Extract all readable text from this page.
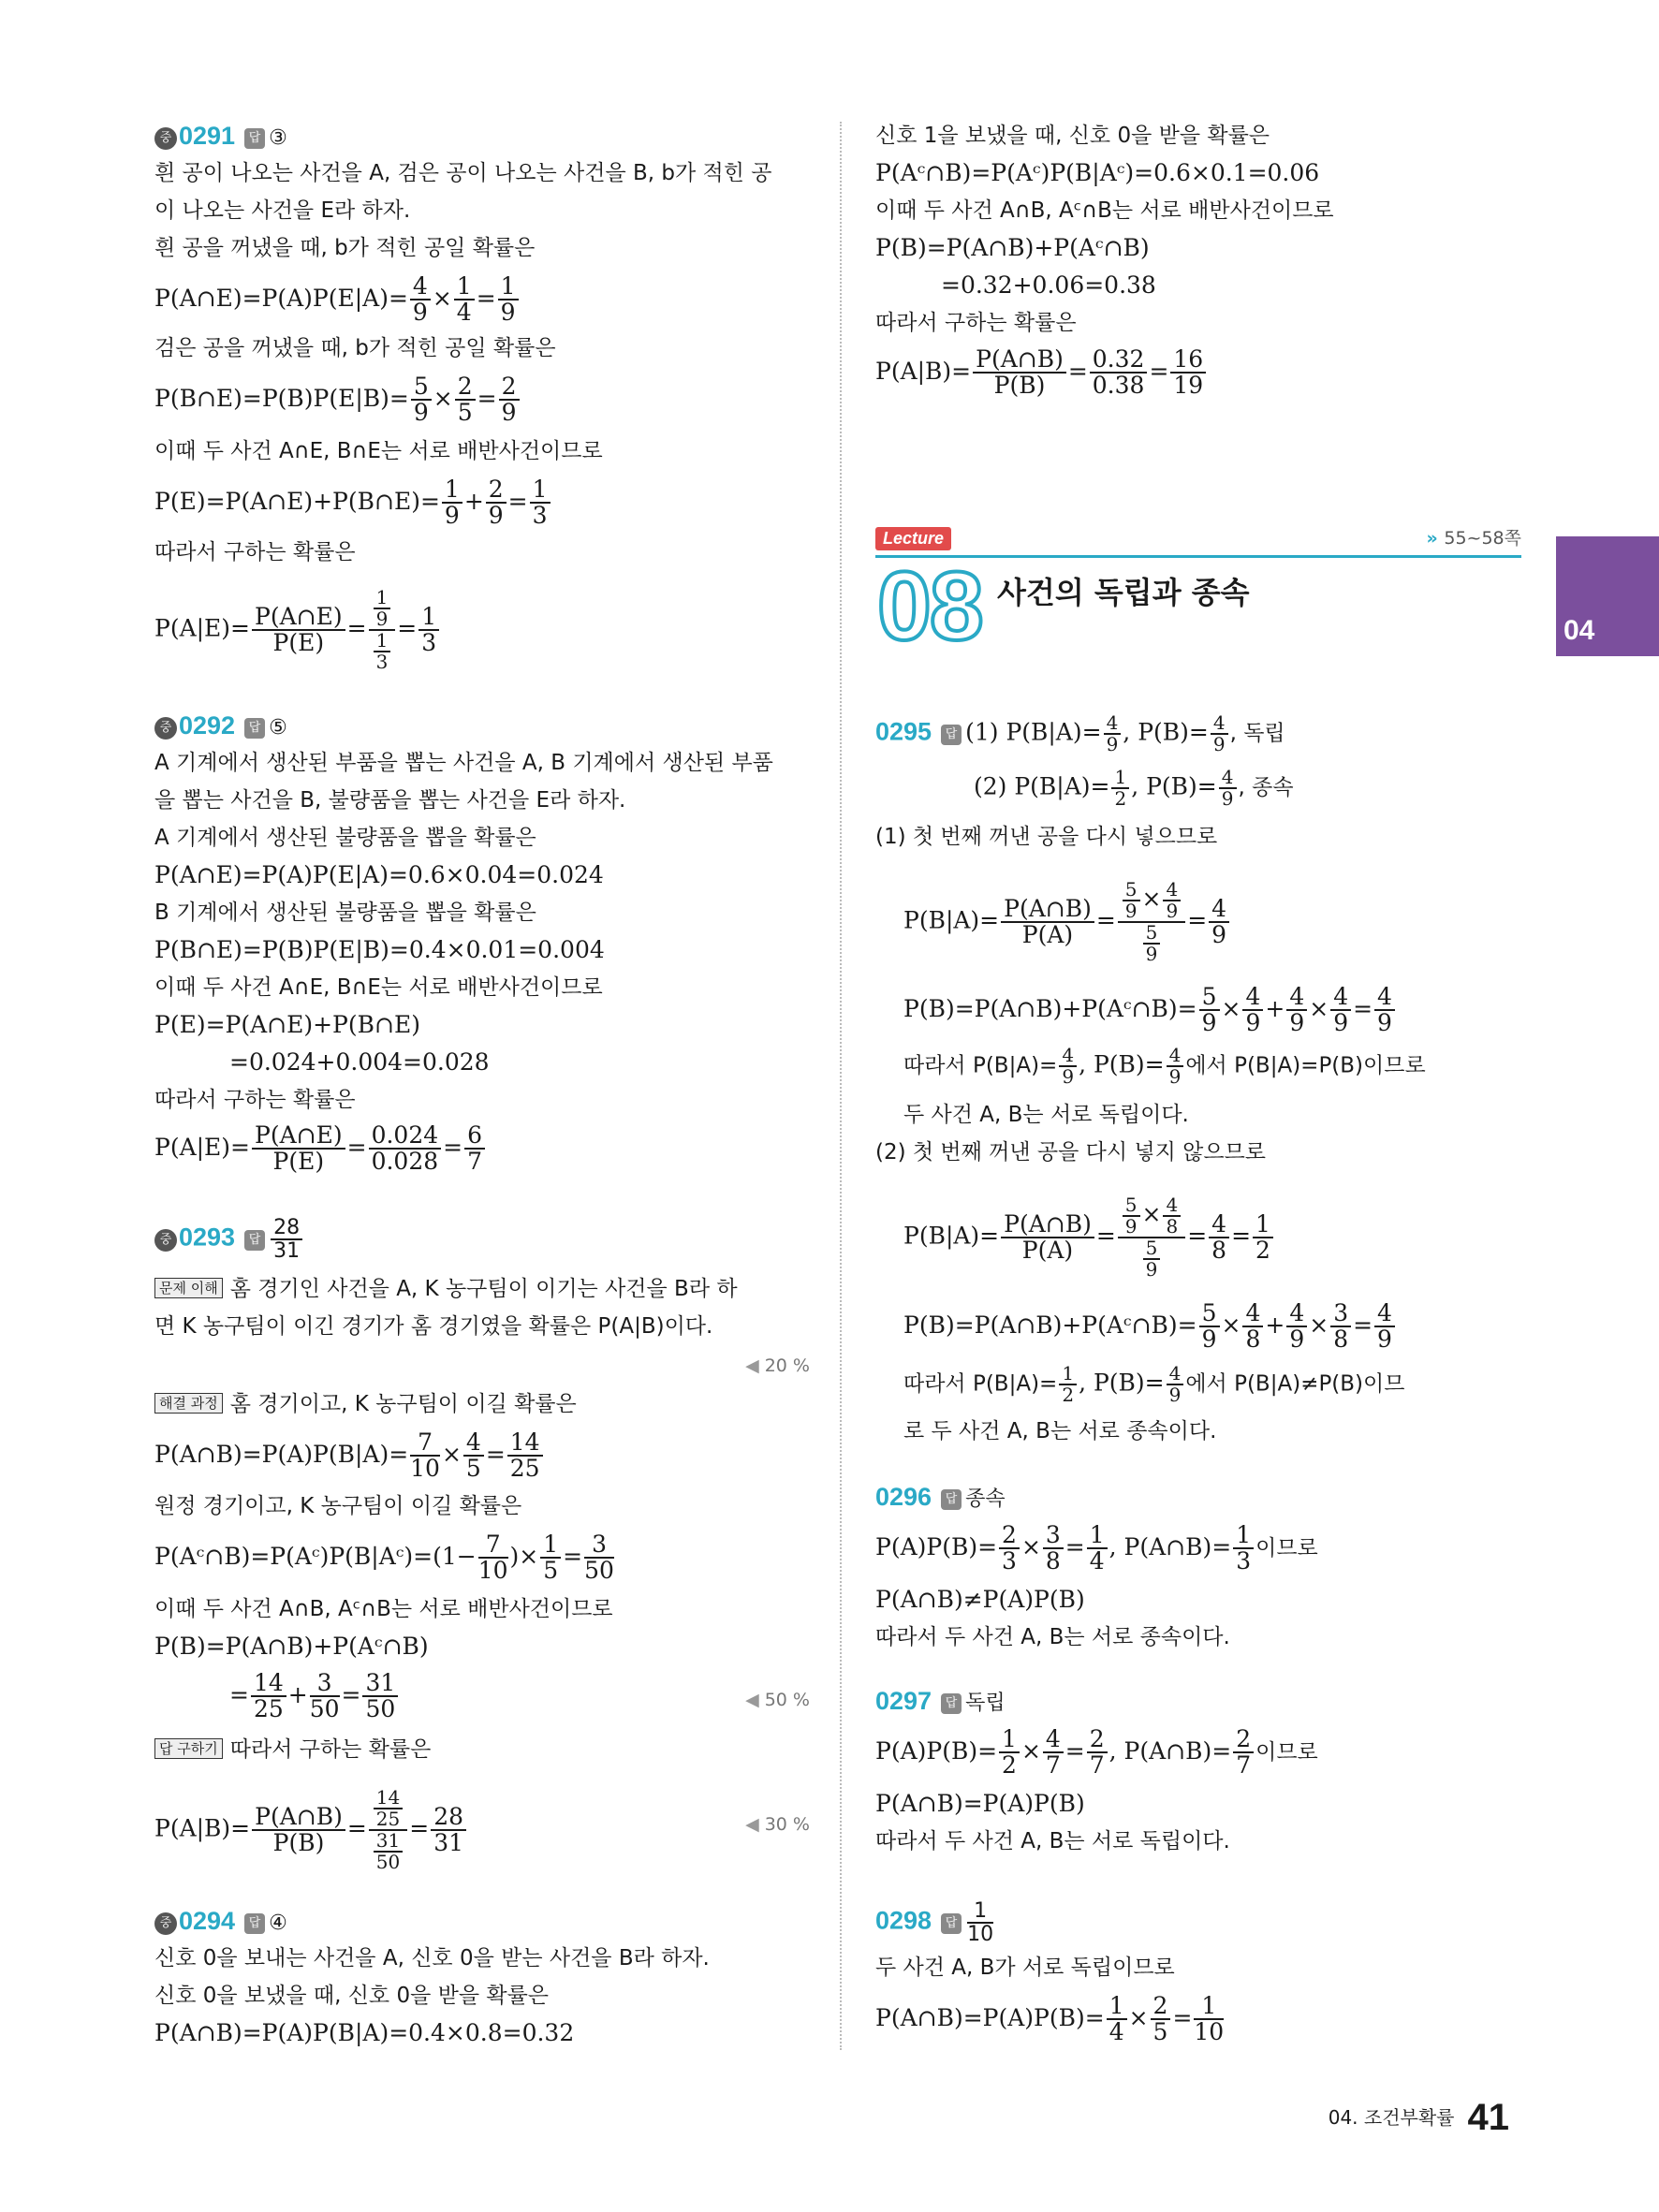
04
중 0291 답 ③
흰 공이 나오는 사건을 A, 검은 공이 나오는 사건을 B, b가 적힌 공
이 나오는 사건을 E라 하자.
흰 공을 꺼냈을 때, b가 적힌 공일 확률은
P(A∩E)=P(A)P(E|A)= $\frac{4}{9} \times \frac{1}{4} = \frac{1}{9}$
검은 공을 꺼냈을 때, b가 적힌 공일 확률은
P(B∩E)=P(B)P(E|B)= $\frac{5}{9} \times \frac{2}{5} = \frac{2}{9}$
이때 두 사건 A∩E, B∩E는 서로 배반사건이므로
P(E)=P(A∩E)+P(B∩E)= $\frac{1}{9} + \frac{2}{9} = \frac{1}{3}$
따라서 구하는 확률은
$P(A|E)= \frac{P(A\cap E)}{P(E)} = \frac{\frac{1}{9}}{\frac{1}{3}} = \frac{1}{3}$
중 0292 답 ⑤
A 기계에서 생산된 부품을 뽑는 사건을 A, B 기계에서 생산된 부품
을 뽑는 사건을 B, 불량품을 뽑는 사건을 E라 하자.
A 기계에서 생산된 불량품을 뽑을 확률은
P(A∩E)=P(A)P(E|A)=0.6×0.04=0.024
B 기계에서 생산된 불량품을 뽑을 확률은
P(B∩E)=P(B)P(E|B)=0.4×0.01=0.004
이때 두 사건 A∩E, B∩E는 서로 배반사건이므로
P(E)=P(A∩E)+P(B∩E)
=0.024+0.004=0.028
따라서 구하는 확률은
$P(A|E)= \frac{P(A\cap E)}{P(E)} = \frac{0.024}{0.028} = \frac{6}{7}$
중 0293 답 $\frac{28}{31}$
문제 이해 홈 경기인 사건을 A, K 농구팀이 이기는 사건을 B라 하
면 K 농구팀이 이긴 경기가 홈 경기였을 확률은 P(A|B)이다.
◀ 20 %
해결 과정 홈 경기이고, K 농구팀이 이길 확률은
P(A∩B)=P(A)P(B|A)= $\frac{7}{10} \times \frac{4}{5} = \frac{14}{25}$
원정 경기이고, K 농구팀이 이길 확률은
P(Aᶜ∩B)=P(Aᶜ)P(B|Aᶜ)=(1− $\frac{7}{10}$ )× $\frac{1}{5} = \frac{3}{50}$
이때 두 사건 A∩B, Aᶜ∩B는 서로 배반사건이므로
P(B)=P(A∩B)+P(Aᶜ∩B)
= $\frac{14}{25} + \frac{3}{50} = \frac{31}{50}$	◀ 50 %
답 구하기 따라서 구하는 확률은
$P(A|B)= \frac{P(A\cap B)}{P(B)} = \frac{\frac{14}{25}}{\frac{31}{50}} = \frac{28}{31}$	◀ 30 %
중 0294 답 ④
신호 0을 보내는 사건을 A, 신호 0을 받는 사건을 B라 하자.
신호 0을 보냈을 때, 신호 0을 받을 확률은
P(A∩B)=P(A)P(B|A)=0.4×0.8=0.32
신호 1을 보냈을 때, 신호 0을 받을 확률은
P(Aᶜ∩B)=P(Aᶜ)P(B|Aᶜ)=0.6×0.1=0.06
이때 두 사건 A∩B, Aᶜ∩B는 서로 배반사건이므로
P(B)=P(A∩B)+P(Aᶜ∩B)
=0.32+0.06=0.38
따라서 구하는 확률은
$P(A|B)= \frac{P(A\cap B)}{P(B)} = \frac{0.32}{0.38} = \frac{16}{19}$
Lecture	» 55~58쪽
08 사건의 독립과 종속
0295 답 (1) $P(B|A)= \frac{4}{9}$ , $P(B)= \frac{4}{9}$ , 독립
(2) $P(B|A)= \frac{1}{2}$ , $P(B)= \frac{4}{9}$ , 종속
(1) 첫 번째 꺼낸 공을 다시 넣으므로
$P(B|A)= \frac{P(A\cap B)}{P(A)} = \frac{\frac{5}{9} \times \frac{4}{9}}{\frac{5}{9}} = \frac{4}{9}$
P(B)=P(A∩B)+P(Aᶜ∩B)= $\frac{5}{9} \times \frac{4}{9} + \frac{4}{9} \times \frac{4}{9} = \frac{4}{9}$
따라서 $P(B|A)= \frac{4}{9}$ , $P(B)= \frac{4}{9}$ 에서 P(B|A)=P(B)이므로
두 사건 A, B는 서로 독립이다.
(2) 첫 번째 꺼낸 공을 다시 넣지 않으므로
$P(B|A)= \frac{P(A\cap B)}{P(A)} = \frac{\frac{5}{9} \times \frac{4}{8}}{\frac{5}{9}} = \frac{4}{8} = \frac{1}{2}$
P(B)=P(A∩B)+P(Aᶜ∩B)= $\frac{5}{9} \times \frac{4}{8} + \frac{4}{9} \times \frac{3}{8} = \frac{4}{9}$
따라서 $P(B|A)= \frac{1}{2}$ , $P(B)= \frac{4}{9}$ 에서 P(B|A)≠P(B)이므
로 두 사건 A, B는 서로 종속이다.
0296 답 종속
$P(A)P(B)= \frac{2}{3} \times \frac{3}{8} = \frac{1}{4}$ , P(A∩B)= $\frac{1}{3}$ 이므로
P(A∩B)≠P(A)P(B)
따라서 두 사건 A, B는 서로 종속이다.
0297 답 독립
$P(A)P(B)= \frac{1}{2} \times \frac{4}{7} = \frac{2}{7}$ , P(A∩B)= $\frac{2}{7}$ 이므로
P(A∩B)=P(A)P(B)
따라서 두 사건 A, B는 서로 독립이다.
0298 답 $\frac{1}{10}$
두 사건 A, B가 서로 독립이므로
P(A∩B)=P(A)P(B)= $\frac{1}{4} \times \frac{2}{5} = \frac{1}{10}$
04. 조건부확률 41
